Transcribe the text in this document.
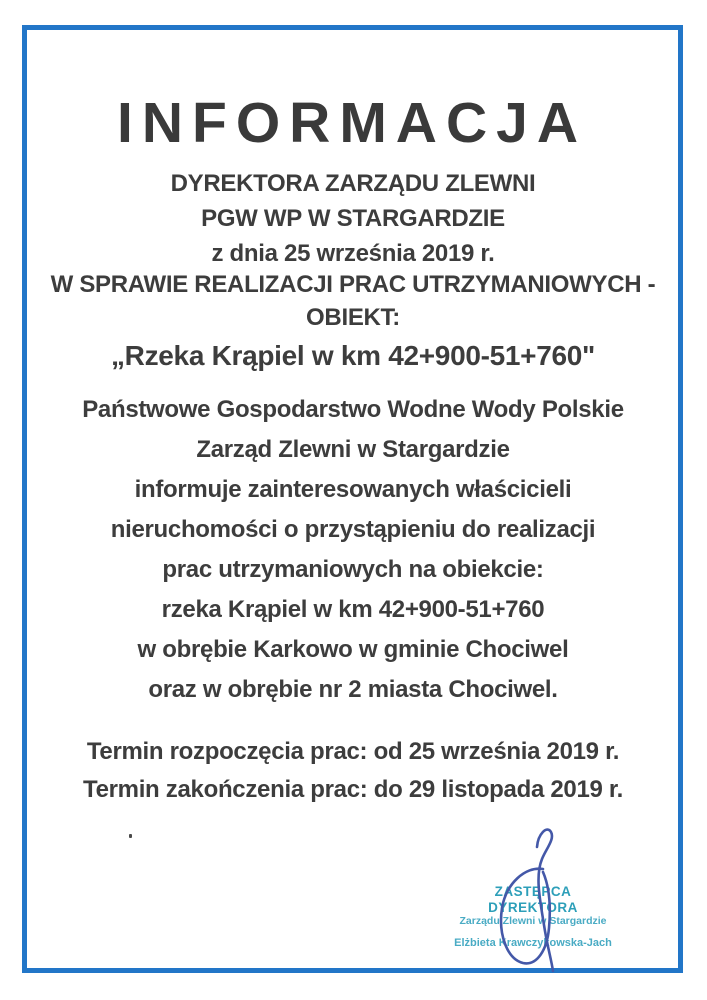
INFORMACJA
DYREKTORA ZARZĄDU ZLEWNI
PGW WP W STARGARDZIE
z dnia 25 września 2019 r.
W SPRAWIE REALIZACJI PRAC UTRZYMANIOWYCH - OBIEKT:
„Rzeka Krąpiel w km 42+900-51+760"
Państwowe Gospodarstwo Wodne Wody Polskie
Zarząd Zlewni w Stargardzie
informuje zainteresowanych właścicieli
nieruchomości o przystąpieniu do realizacji
prac utrzymaniowych na obiekcie:
rzeka Krąpiel w km 42+900-51+760
w obrębie Karkowo w gminie Chociwel
oraz w obrębie nr 2 miasta Chociwel.
Termin rozpoczęcia prac: od 25 września 2019 r.
Termin zakończenia prac: do 29 listopada 2019 r.
ZASTĘPCA DYREKTORA
Zarządu Zlewni w Stargardzie
Elżbieta Krawczykowska-Jach
